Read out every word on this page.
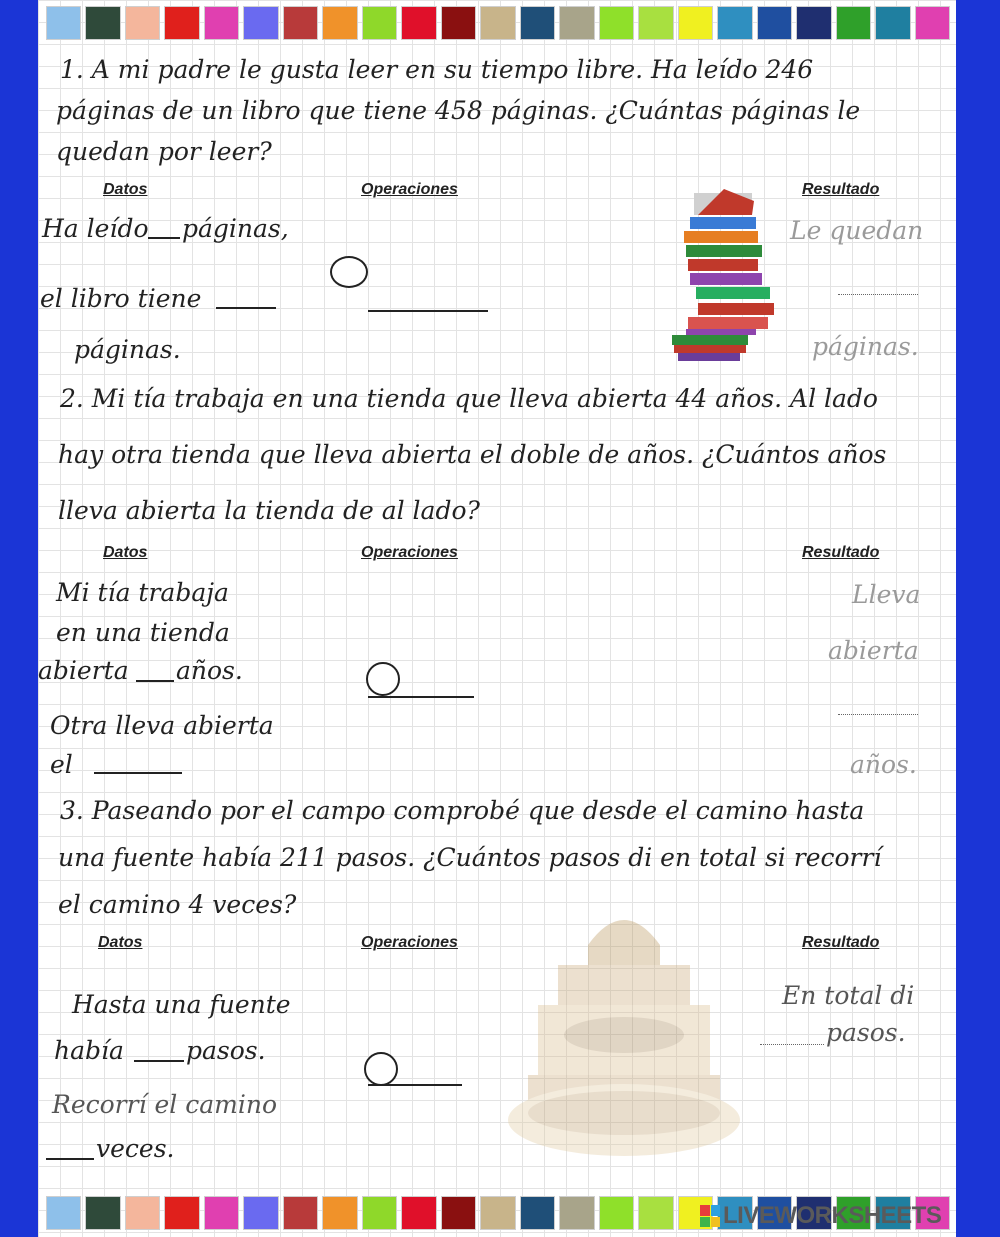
1. A mi padre le gusta leer en su tiempo libre. Ha leído 246
páginas de un libro que tiene 458 páginas. ¿Cuántas páginas le
quedan por leer?
Datos	Operaciones	Resultado
Ha leído páginas,
el libro tiene
páginas.
Le quedan
páginas.
2. Mi tía trabaja en una tienda que lleva abierta 44 años. Al lado
hay otra tienda que lleva abierta el doble de años. ¿Cuántos años
lleva abierta la tienda de al lado?
Datos	Operaciones	Resultado
Mi tía trabaja
en una tienda
abierta años.
Otra lleva abierta
el
Lleva
abierta
años.
3. Paseando por el campo comprobé que desde el camino hasta
una fuente había 211 pasos. ¿Cuántos pasos di en total si recorrí
el camino 4 veces?
Datos	Operaciones	Resultado
Hasta una fuente
había pasos.
Recorrí el camino
veces.
En total di
pasos.
LIVEWORKSHEETS
